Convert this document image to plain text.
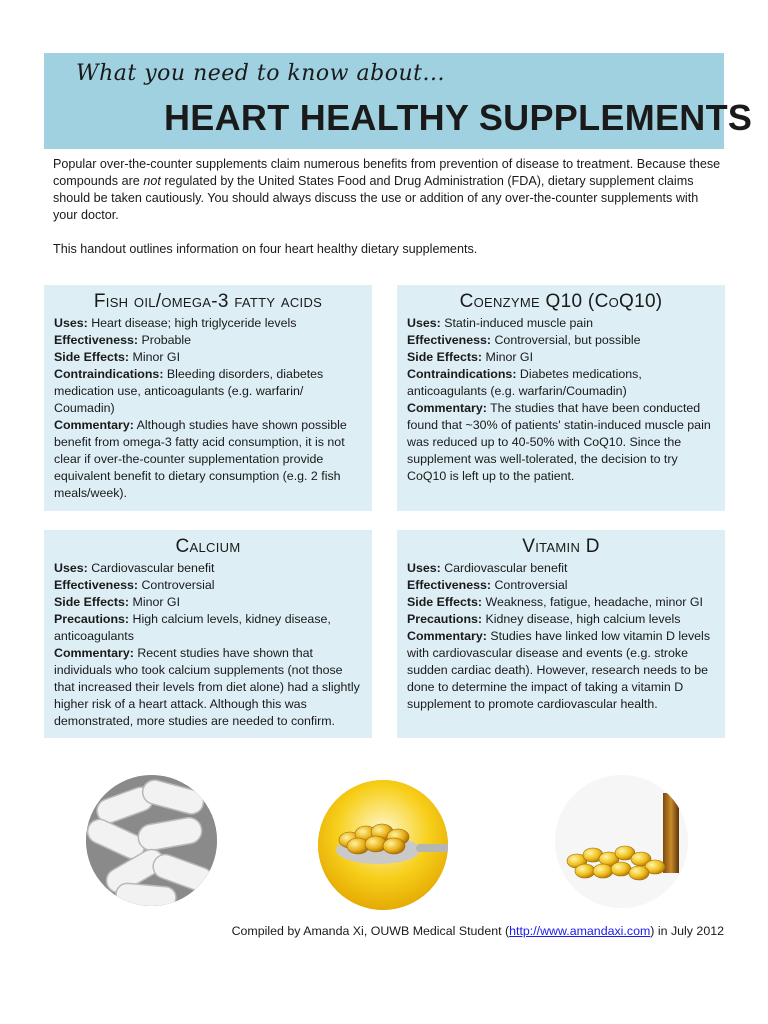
What you need to know about...
HEART HEALTHY SUPPLEMENTS

Popular over-the-counter supplements claim numerous benefits from prevention of disease to treatment. Because these compounds are not regulated by the United States Food and Drug Administration (FDA), dietary supplement claims should be taken cautiously. You should always discuss the use or addition of any over-the-counter supplements with your doctor.

This handout outlines information on four heart healthy dietary supplements.

Fish oil/omega-3 fatty acids
Uses: Heart disease; high triglyceride levels
Effectiveness: Probable
Side Effects: Minor GI
Contraindications: Bleeding disorders, diabetes medication use, anticoagulants (e.g. warfarin/ Coumadin)
Commentary: Although studies have shown possible benefit from omega-3 fatty acid consumption, it is not clear if over-the-counter supplementation provide equivalent benefit to dietary consumption (e.g. 2 fish meals/week).
Coenzyme Q10 (CoQ10)
Uses: Statin-induced muscle pain
Effectiveness: Controversial, but possible
Side Effects: Minor GI
Contraindications: Diabetes medications, anticoagulants (e.g. warfarin/Coumadin)
Commentary: The studies that have been conducted found that ~30% of patients' statin-induced muscle pain was reduced up to 40-50% with CoQ10. Since the supplement was well-tolerated, the decision to try CoQ10 is left up to the patient.
Calcium
Uses: Cardiovascular benefit
Effectiveness: Controversial
Side Effects: Minor GI
Precautions: High calcium levels, kidney disease, anticoagulants
Commentary: Recent studies have shown that individuals who took calcium supplements (not those that increased their levels from diet alone) had a slightly higher risk of a heart attack. Although this was demonstrated, more studies are needed to confirm.
Vitamin D
Uses: Cardiovascular benefit
Effectiveness: Controversial
Side Effects: Weakness, fatigue, headache, minor GI
Precautions: Kidney disease, high calcium levels
Commentary: Studies have linked low vitamin D levels with cardiovascular disease and events (e.g. stroke sudden cardiac death). However, research needs to be done to determine the impact of taking a vitamin D supplement to promote cardiovascular health.
Compiled by Amanda Xi, OUWB Medical Student (http://www.amandaxi.com) in July 2012
